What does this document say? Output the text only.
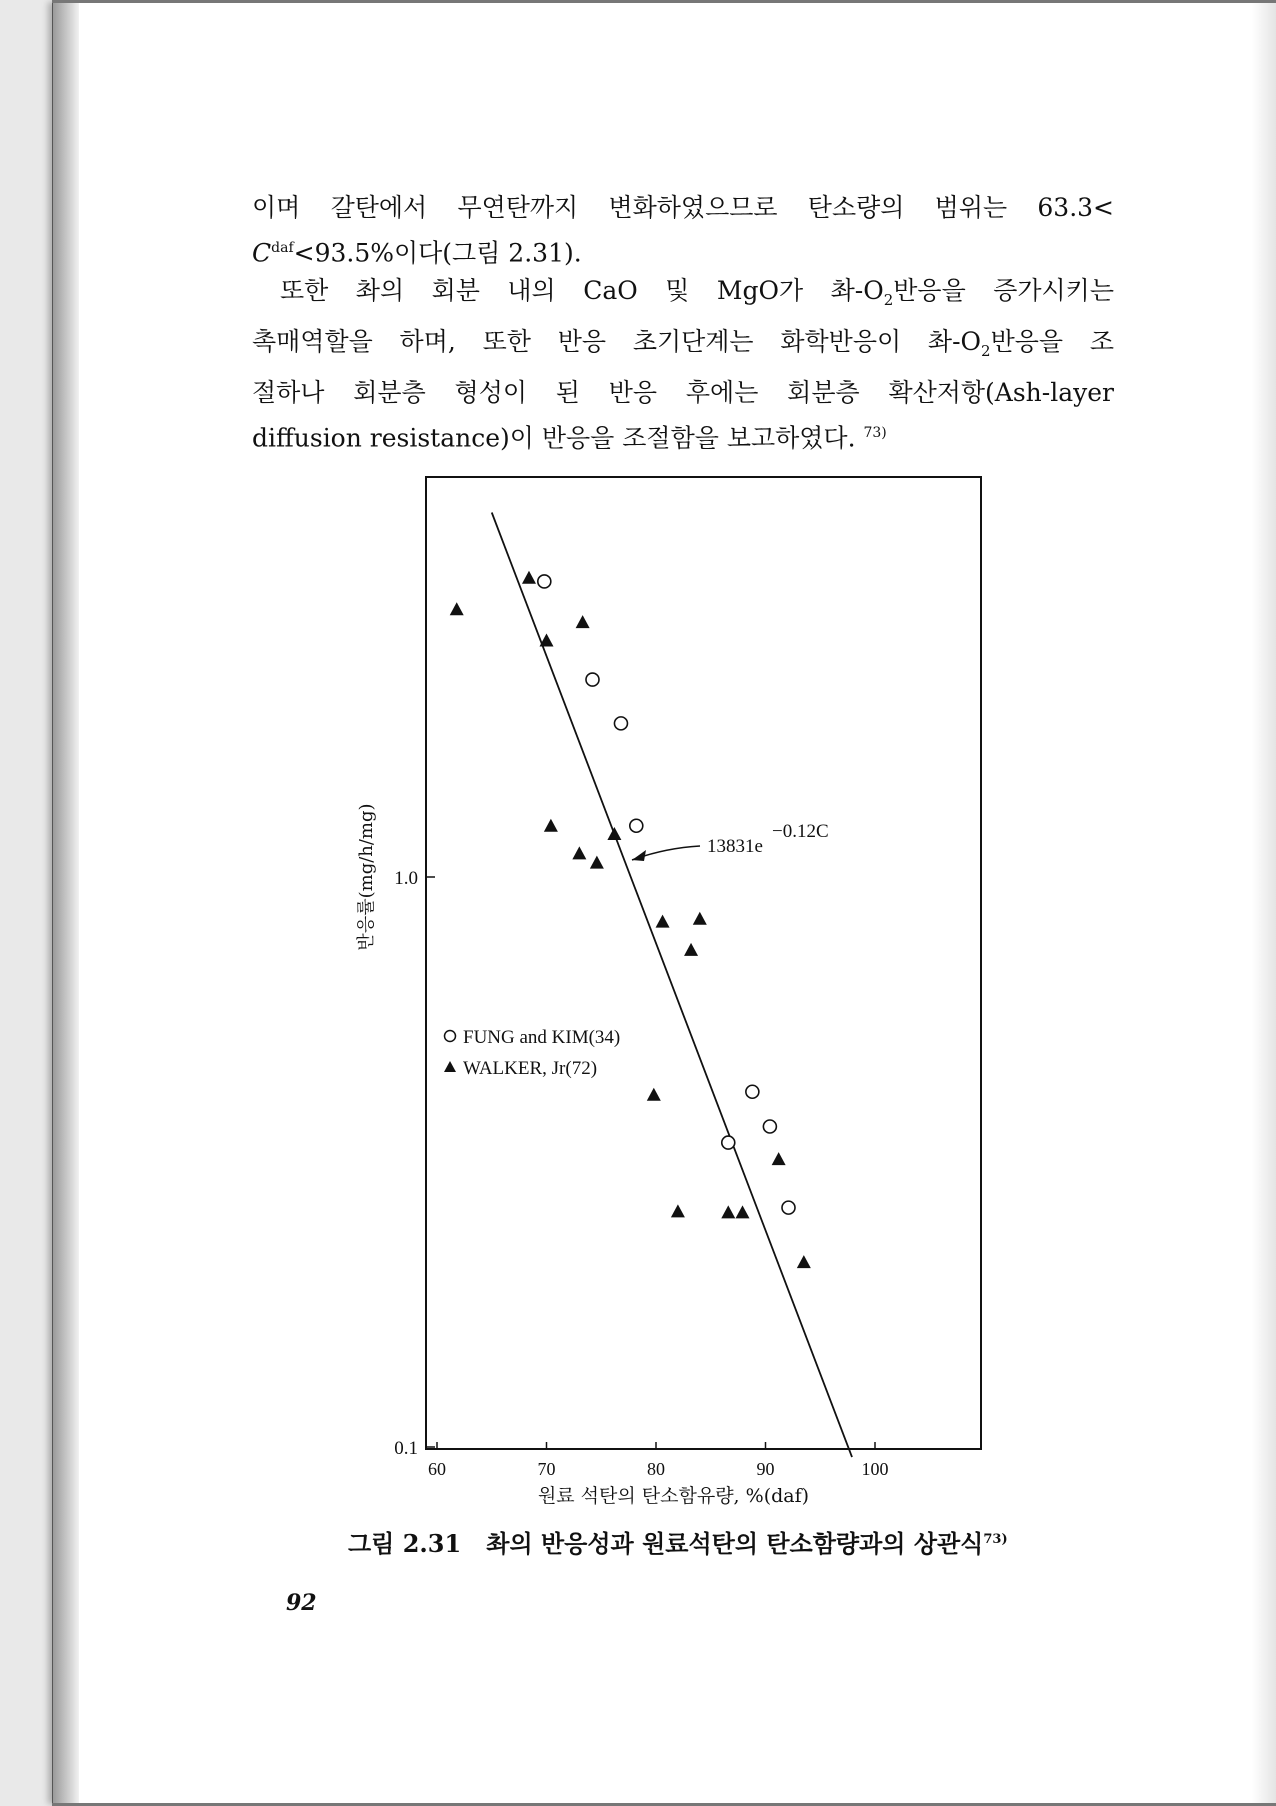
이며 갈탄에서 무연탄까지 변화하였으므로 탄소량의 범위는 63.3<
$C^{daf}<93.5\%$이다(그림 2.31).
또한 촤의 회분 내의 CaO 및 MgO가 촤$-O_2$반응을 증가시키는
촉매역할을 하며, 또한 반응 초기단계는 화학반응이 촤$-O_2$반응을 조
절하나 회분층 형성이 된 반응 후에는 회분층 확산저항(Ash-layer
diffusion resistance)이 반응을 조절함을 보고하였다. $^{73)}$
60	70	80	90	100
0.1
1.0
반응률(mg/h/mg)
원료 석탄의 탄소함유량, %(daf)
13831e
−0.12C
FUNG and KIM(34)
WALKER, Jr(72)
그림 2.31 촤의 반응성과 원료석탄의 탄소함량과의 상관식$^{73)}$
92
